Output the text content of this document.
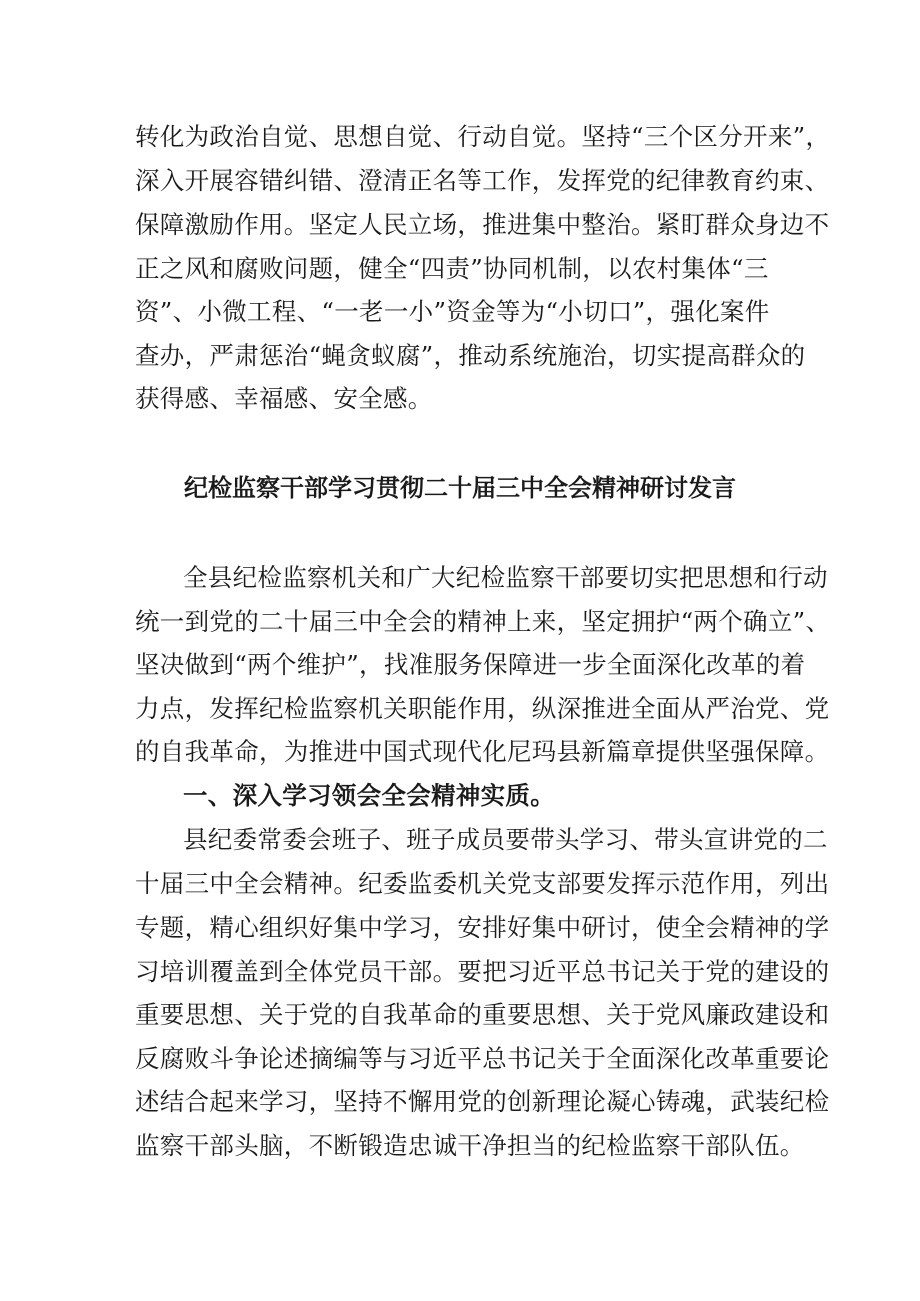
转化为政治自觉、思想自觉、行动自觉。坚持“三个区分开来”，
深入开展容错纠错、澄清正名等工作，发挥党的纪律教育约束、
保障激励作用。坚定人民立场，推进集中整治。紧盯群众身边不
正之风和腐败问题，健全“四责”协同机制，以农村集体“三
资”、小微工程、“一老一小”资金等为“小切口”，强化案件
查办，严肃惩治“蝇贪蚁腐”，推动系统施治，切实提高群众的
获得感、幸福感、安全感。
纪检监察干部学习贯彻二十届三中全会精神研讨发言
全县纪检监察机关和广大纪检监察干部要切实把思想和行动
统一到党的二十届三中全会的精神上来，坚定拥护“两个确立”、
坚决做到“两个维护”，找准服务保障进一步全面深化改革的着
力点，发挥纪检监察机关职能作用，纵深推进全面从严治党、党
的自我革命，为推进中国式现代化尼玛县新篇章提供坚强保障。
一、深入学习领会全会精神实质。
县纪委常委会班子、班子成员要带头学习、带头宣讲党的二
十届三中全会精神。纪委监委机关党支部要发挥示范作用，列出
专题，精心组织好集中学习，安排好集中研讨，使全会精神的学
习培训覆盖到全体党员干部。要把习近平总书记关于党的建设的
重要思想、关于党的自我革命的重要思想、关于党风廉政建设和
反腐败斗争论述摘编等与习近平总书记关于全面深化改革重要论
述结合起来学习，坚持不懈用党的创新理论凝心铸魂，武装纪检
监察干部头脑，不断锻造忠诚干净担当的纪检监察干部队伍。
